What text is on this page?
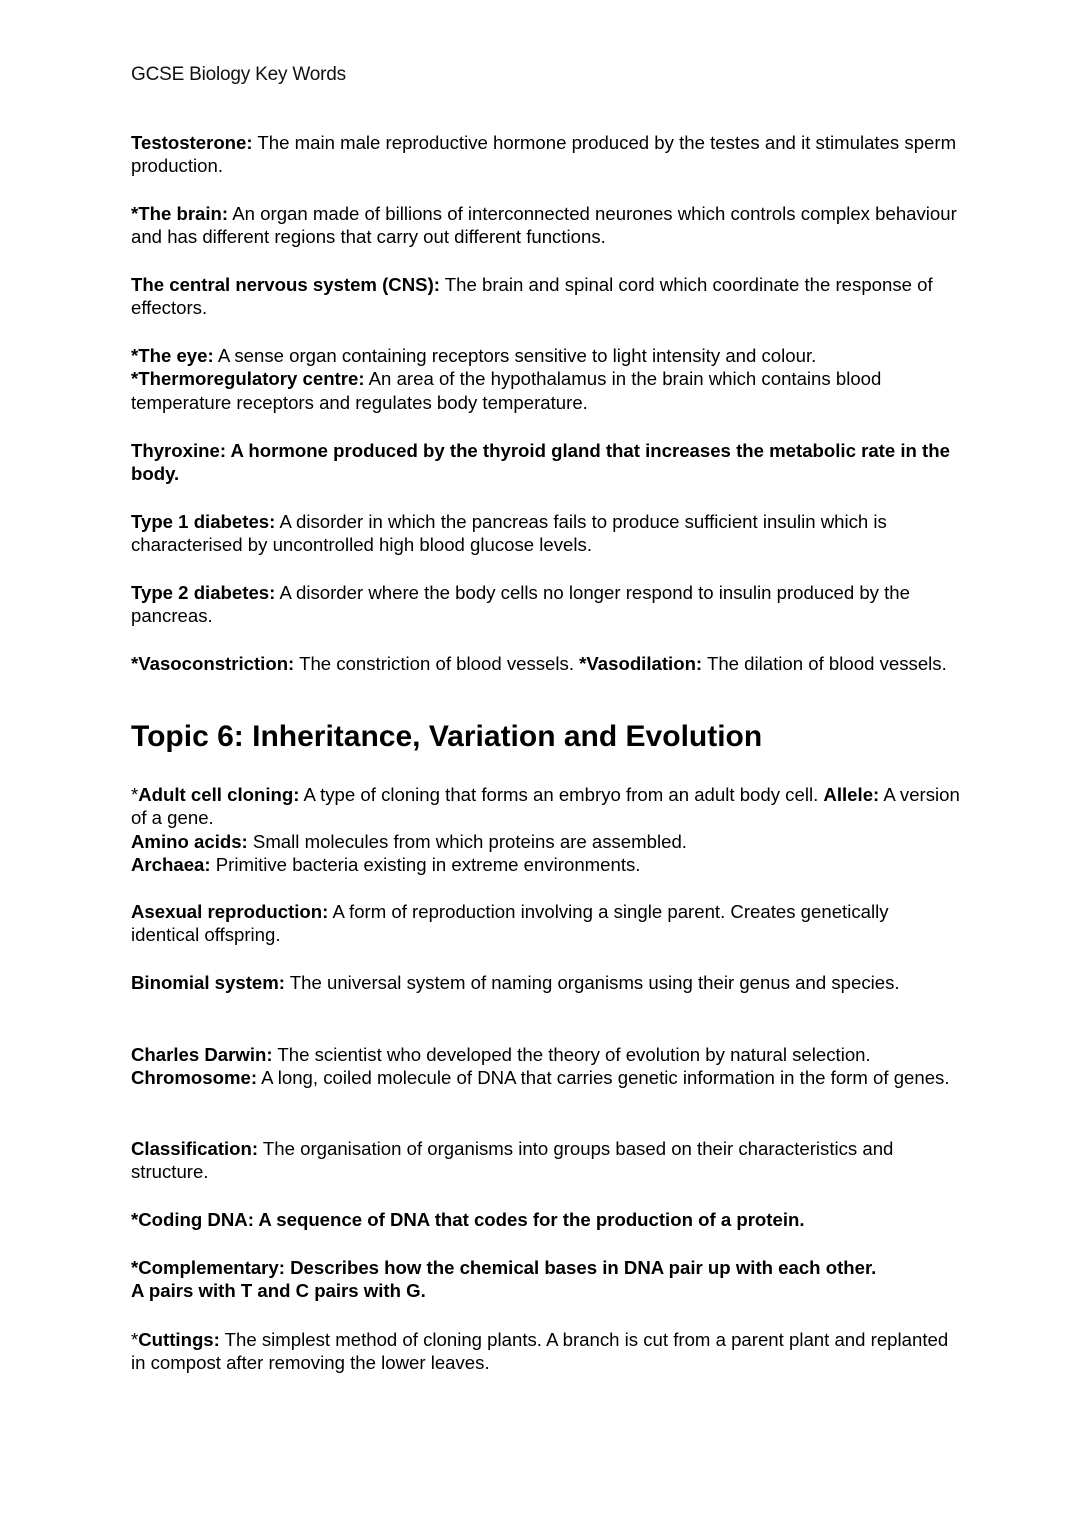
GCSE Biology Key Words

Testosterone: The main male reproductive hormone produced by the testes and it stimulates sperm production.

*The brain: An organ made of billions of interconnected neurones which controls complex behaviour and has different regions that carry out different functions.

The central nervous system (CNS): The brain and spinal cord which coordinate the response of effectors.

*The eye: A sense organ containing receptors sensitive to light intensity and colour.
*Thermoregulatory centre: An area of the hypothalamus in the brain which contains blood temperature receptors and regulates body temperature.

Thyroxine: A hormone produced by the thyroid gland that increases the metabolic rate in the body.

Type 1 diabetes: A disorder in which the pancreas fails to produce sufficient insulin which is characterised by uncontrolled high blood glucose levels.

Type 2 diabetes: A disorder where the body cells no longer respond to insulin produced by the pancreas.

*Vasoconstriction: The constriction of blood vessels. *Vasodilation: The dilation of blood vessels.

Topic 6: Inheritance, Variation and Evolution

*Adult cell cloning: A type of cloning that forms an embryo from an adult body cell. Allele: A version of a gene.
Amino acids: Small molecules from which proteins are assembled.
Archaea: Primitive bacteria existing in extreme environments.

Asexual reproduction: A form of reproduction involving a single parent. Creates genetically identical offspring.

Binomial system: The universal system of naming organisms using their genus and species.

Charles Darwin: The scientist who developed the theory of evolution by natural selection.
Chromosome: A long, coiled molecule of DNA that carries genetic information in the form of genes.

Classification: The organisation of organisms into groups based on their characteristics and structure.

*Coding DNA: A sequence of DNA that codes for the production of a protein.

*Complementary: Describes how the chemical bases in DNA pair up with each other.
A pairs with T and C pairs with G.

*Cuttings: The simplest method of cloning plants. A branch is cut from a parent plant and replanted in compost after removing the lower leaves.
